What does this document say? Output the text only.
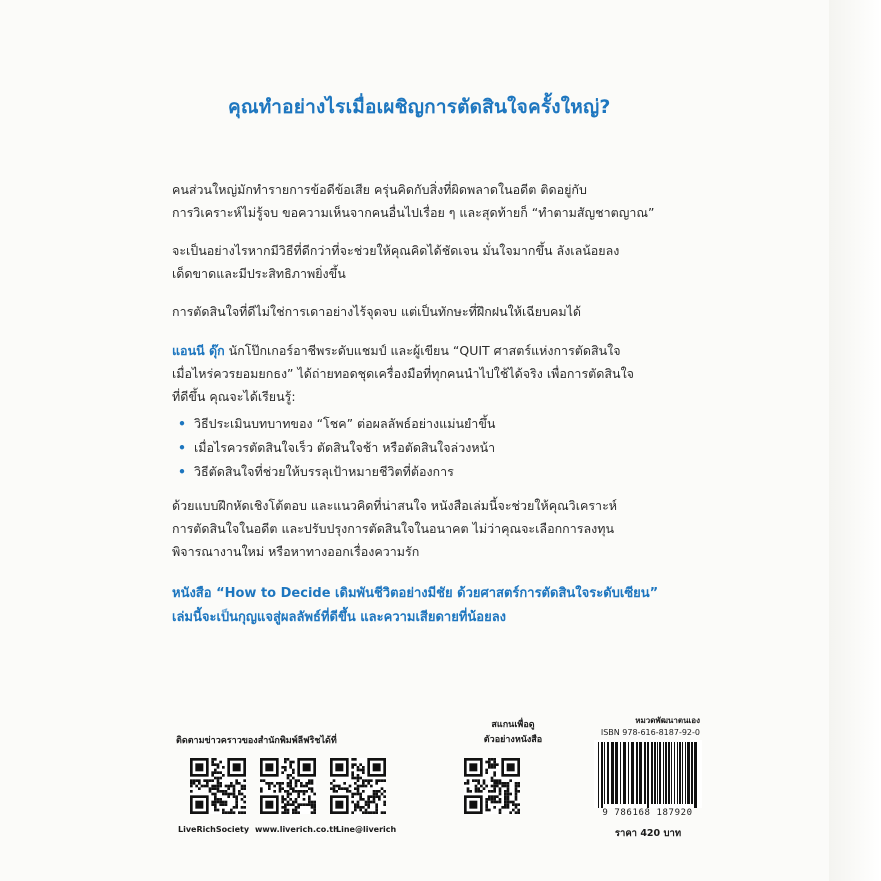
คุณทำอย่างไรเมื่อเผชิญการตัดสินใจครั้งใหญ่?

คนส่วนใหญ่มักทำรายการข้อดีข้อเสีย ครุ่นคิดกับสิ่งที่ผิดพลาดในอดีต ติดอยู่กับ

การวิเคราะห์ไม่รู้จบ ขอความเห็นจากคนอื่นไปเรื่อย ๆ และสุดท้ายก็ “ทำตามสัญชาตญาณ”

จะเป็นอย่างไรหากมีวิธีที่ดีกว่าที่จะช่วยให้คุณคิดได้ชัดเจน มั่นใจมากขึ้น ลังเลน้อยลง

เด็ดขาดและมีประสิทธิภาพยิ่งขึ้น

การตัดสินใจที่ดีไม่ใช่การเดาอย่างไร้จุดจบ แต่เป็นทักษะที่ฝึกฝนให้เฉียบคมได้

แอนนี ดุ๊ก นักโป๊กเกอร์อาชีพระดับแชมป์ และผู้เขียน “QUIT ศาสตร์แห่งการตัดสินใจ

เมื่อไหร่ควรยอมยกธง” ได้ถ่ายทอดชุดเครื่องมือที่ทุกคนนำไปใช้ได้จริง เพื่อการตัดสินใจ

ที่ดีขึ้น คุณจะได้เรียนรู้:

• วิธีประเมินบทบาทของ “โชค” ต่อผลลัพธ์อย่างแม่นยำขึ้น
• เมื่อไรควรตัดสินใจเร็ว ตัดสินใจช้า หรือตัดสินใจล่วงหน้า
• วิธีตัดสินใจที่ช่วยให้บรรลุเป้าหมายชีวิตที่ต้องการ

ด้วยแบบฝึกหัดเชิงโต้ตอบ และแนวคิดที่น่าสนใจ หนังสือเล่มนี้จะช่วยให้คุณวิเคราะห์

การตัดสินใจในอดีต และปรับปรุงการตัดสินใจในอนาคต ไม่ว่าคุณจะเลือกการลงทุน

พิจารณางานใหม่ หรือหาทางออกเรื่องความรัก

หนังสือ “How to Decide เดิมพันชีวิตอย่างมีชัย ด้วยศาสตร์การตัดสินใจระดับเซียน”

เล่มนี้จะเป็นกุญแจสู่ผลลัพธ์ที่ดีขึ้น และความเสียดายที่น้อยลง

ติดตามข่าวคราวของสำนักพิมพ์ลีฟริชได้ที่
LiveRichSociety www.liverich.co.th
Line@liverich
สแกนเพื่อดู
ตัวอย่างหนังสือ
หมวดพัฒนาตนเอง
ISBN 978-616-8187-92-0
9 786168 187920
ราคา 420 บาท
